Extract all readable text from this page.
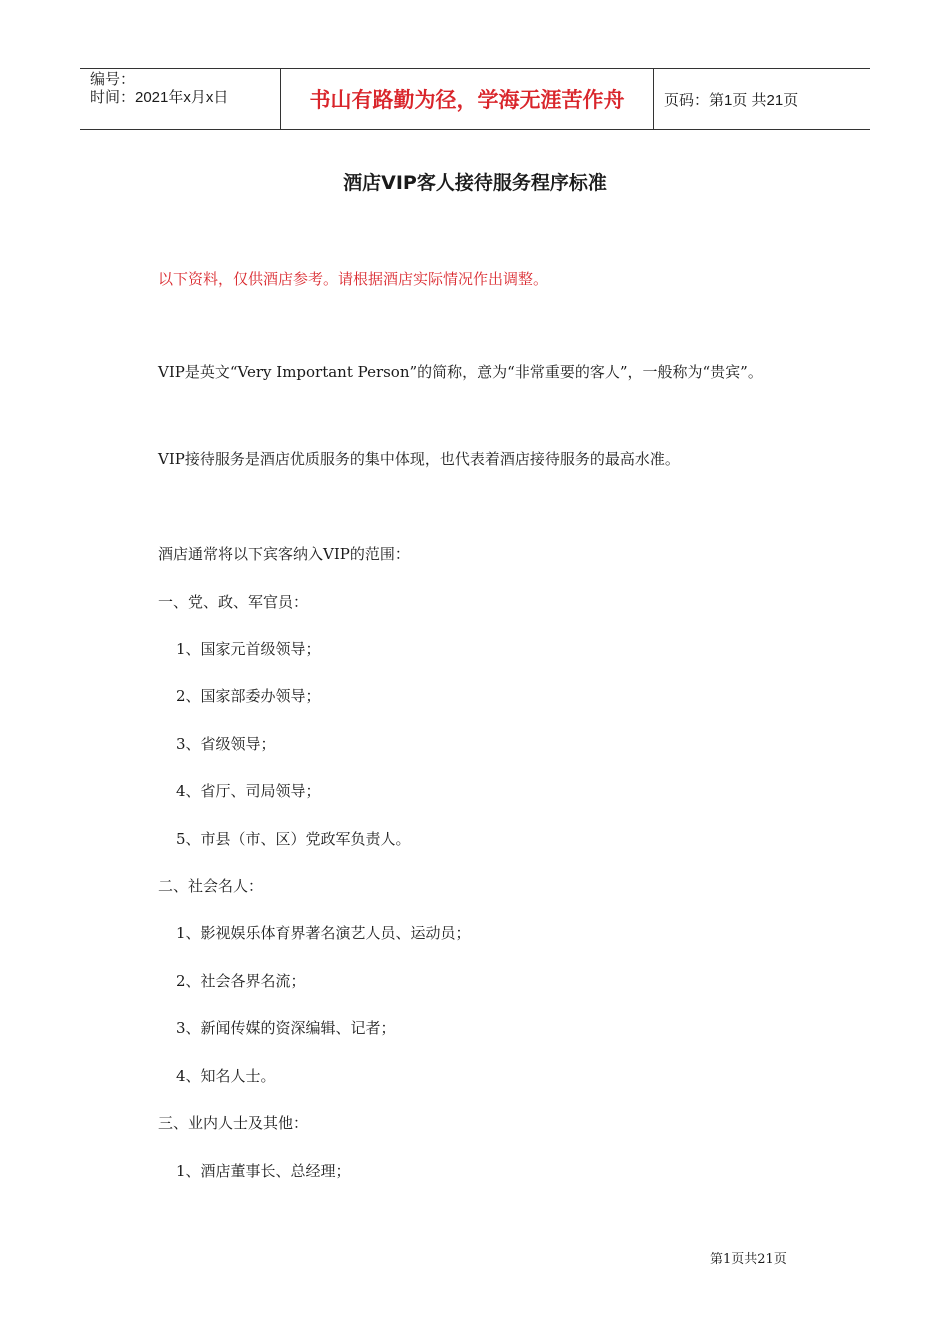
编号：
时间：2021年x月x日	书山有路勤为径，学海无涯苦作舟	页码：第1页 共21页
酒店VIP客人接待服务程序标准
以下资料，仅供酒店参考。请根据酒店实际情况作出调整。
VIP是英文“Very Important Person”的简称，意为“非常重要的客人”，一般称为“贵宾”。
VIP接待服务是酒店优质服务的集中体现，也代表着酒店接待服务的最高水准。
酒店通常将以下宾客纳入VIP的范围：
一、党、政、军官员：
1、国家元首级领导；
2、国家部委办领导；
3、省级领导；
4、省厅、司局领导；
5、市县（市、区）党政军负责人。
二、社会名人：
1、影视娱乐体育界著名演艺人员、运动员；
2、社会各界名流；
3、新闻传媒的资深编辑、记者；
4、知名人士。
三、业内人士及其他：
1、酒店董事长、总经理；
第1页共21页
